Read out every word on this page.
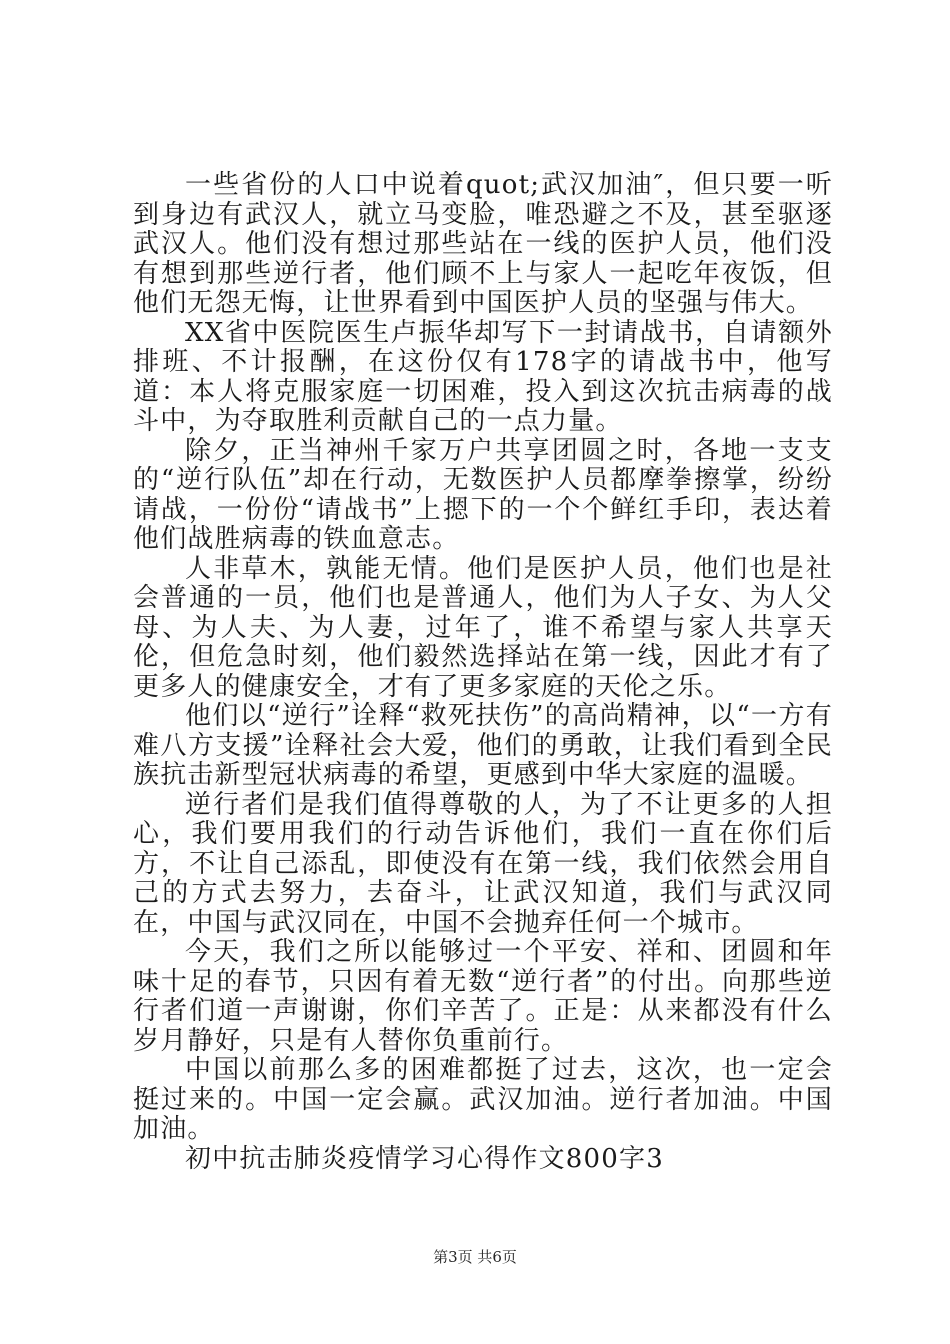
一些省份的人口中说着quot;武汉加油″，但只要一听到身边有武汉人，就立马变脸，唯恐避之不及，甚至驱逐武汉人。他们没有想过那些站在一线的医护人员，他们没有想到那些逆行者，他们顾不上与家人一起吃年夜饭，但他们无怨无悔，让世界看到中国医护人员的坚强与伟大。

XX省中医院医生卢振华却写下一封请战书，自请额外排班、不计报酬，在这份仅有178字的请战书中，他写道：本人将克服家庭一切困难，投入到这次抗击病毒的战斗中，为夺取胜利贡献自己的一点力量。

除夕，正当神州千家万户共享团圆之时，各地一支支的“逆行队伍”却在行动，无数医护人员都摩拳擦掌，纷纷请战，一份份“请战书”上摁下的一个个鲜红手印，表达着他们战胜病毒的铁血意志。

人非草木，孰能无情。他们是医护人员，他们也是社会普通的一员，他们也是普通人，他们为人子女、为人父母、为人夫、为人妻，过年了，谁不希望与家人共享天伦，但危急时刻，他们毅然选择站在第一线，因此才有了更多人的健康安全，才有了更多家庭的天伦之乐。

他们以“逆行”诠释“救死扶伤”的高尚精神，以“一方有难八方支援”诠释社会大爱，他们的勇敢，让我们看到全民族抗击新型冠状病毒的希望，更感到中华大家庭的温暖。

逆行者们是我们值得尊敬的人，为了不让更多的人担心，我们要用我们的行动告诉他们，我们一直在你们后方，不让自己添乱，即使没有在第一线，我们依然会用自己的方式去努力，去奋斗，让武汉知道，我们与武汉同在，中国与武汉同在，中国不会抛弃任何一个城市。

今天，我们之所以能够过一个平安、祥和、团圆和年味十足的春节，只因有着无数“逆行者”的付出。向那些逆行者们道一声谢谢，你们辛苦了。正是：从来都没有什么岁月静好，只是有人替你负重前行。

中国以前那么多的困难都挺了过去，这次，也一定会挺过来的。中国一定会赢。武汉加油。逆行者加油。中国加油。

初中抗击肺炎疫情学习心得作文800字3

第3页 共6页
